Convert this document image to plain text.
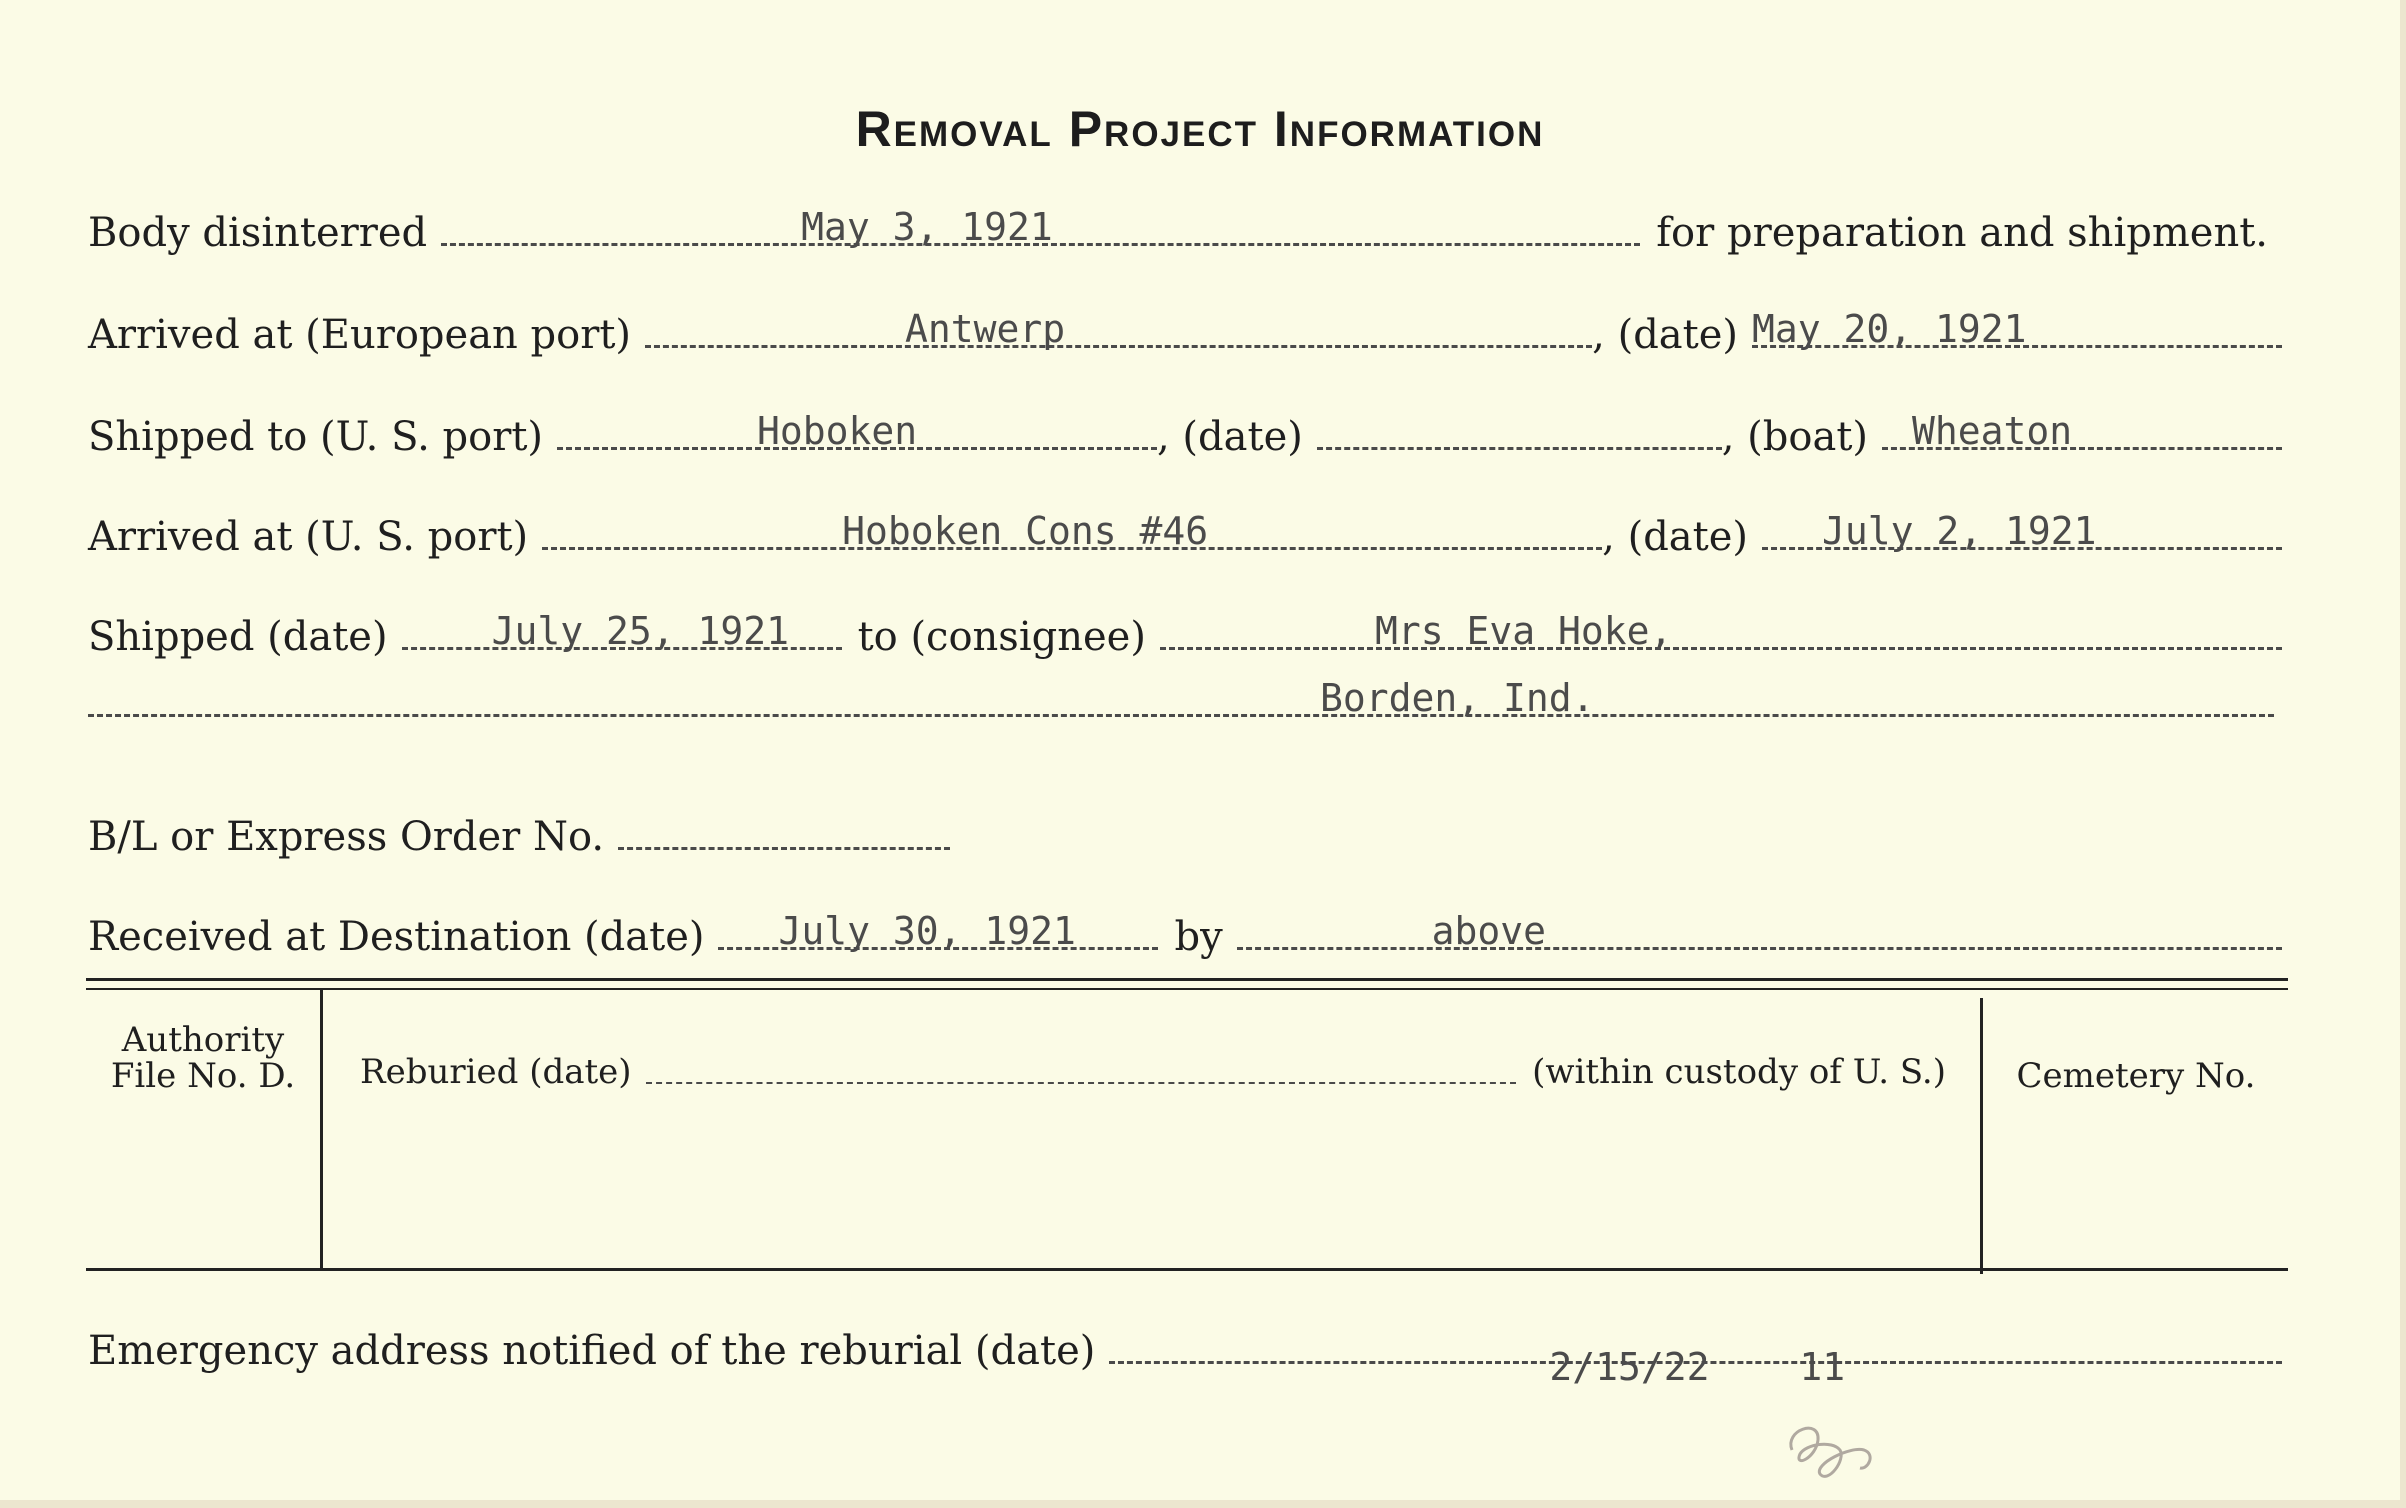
Removal Project Information
Body disinterred	May 3, 1921	for preparation and shipment.
Arrived at (European port)	Antwerp	, (date) May 20, 1921
Shipped to (U. S. port)	Hoboken	, (date)	, (boat)	Wheaton
Arrived at (U. S. port)	Hoboken Cons #46	, (date)	July 2, 1921
Shipped (date)	July 25, 1921	to (consignee)	Mrs Eva Hoke,
Borden, Ind.
B/L or Express Order No.
Received at Destination (date)	July 30, 1921	by	above
Authority
File No. D.	Reburied (date)	(within custody of U. S.)	Cemetery No.
Emergency address notified of the reburial (date)	2/15/22 11
